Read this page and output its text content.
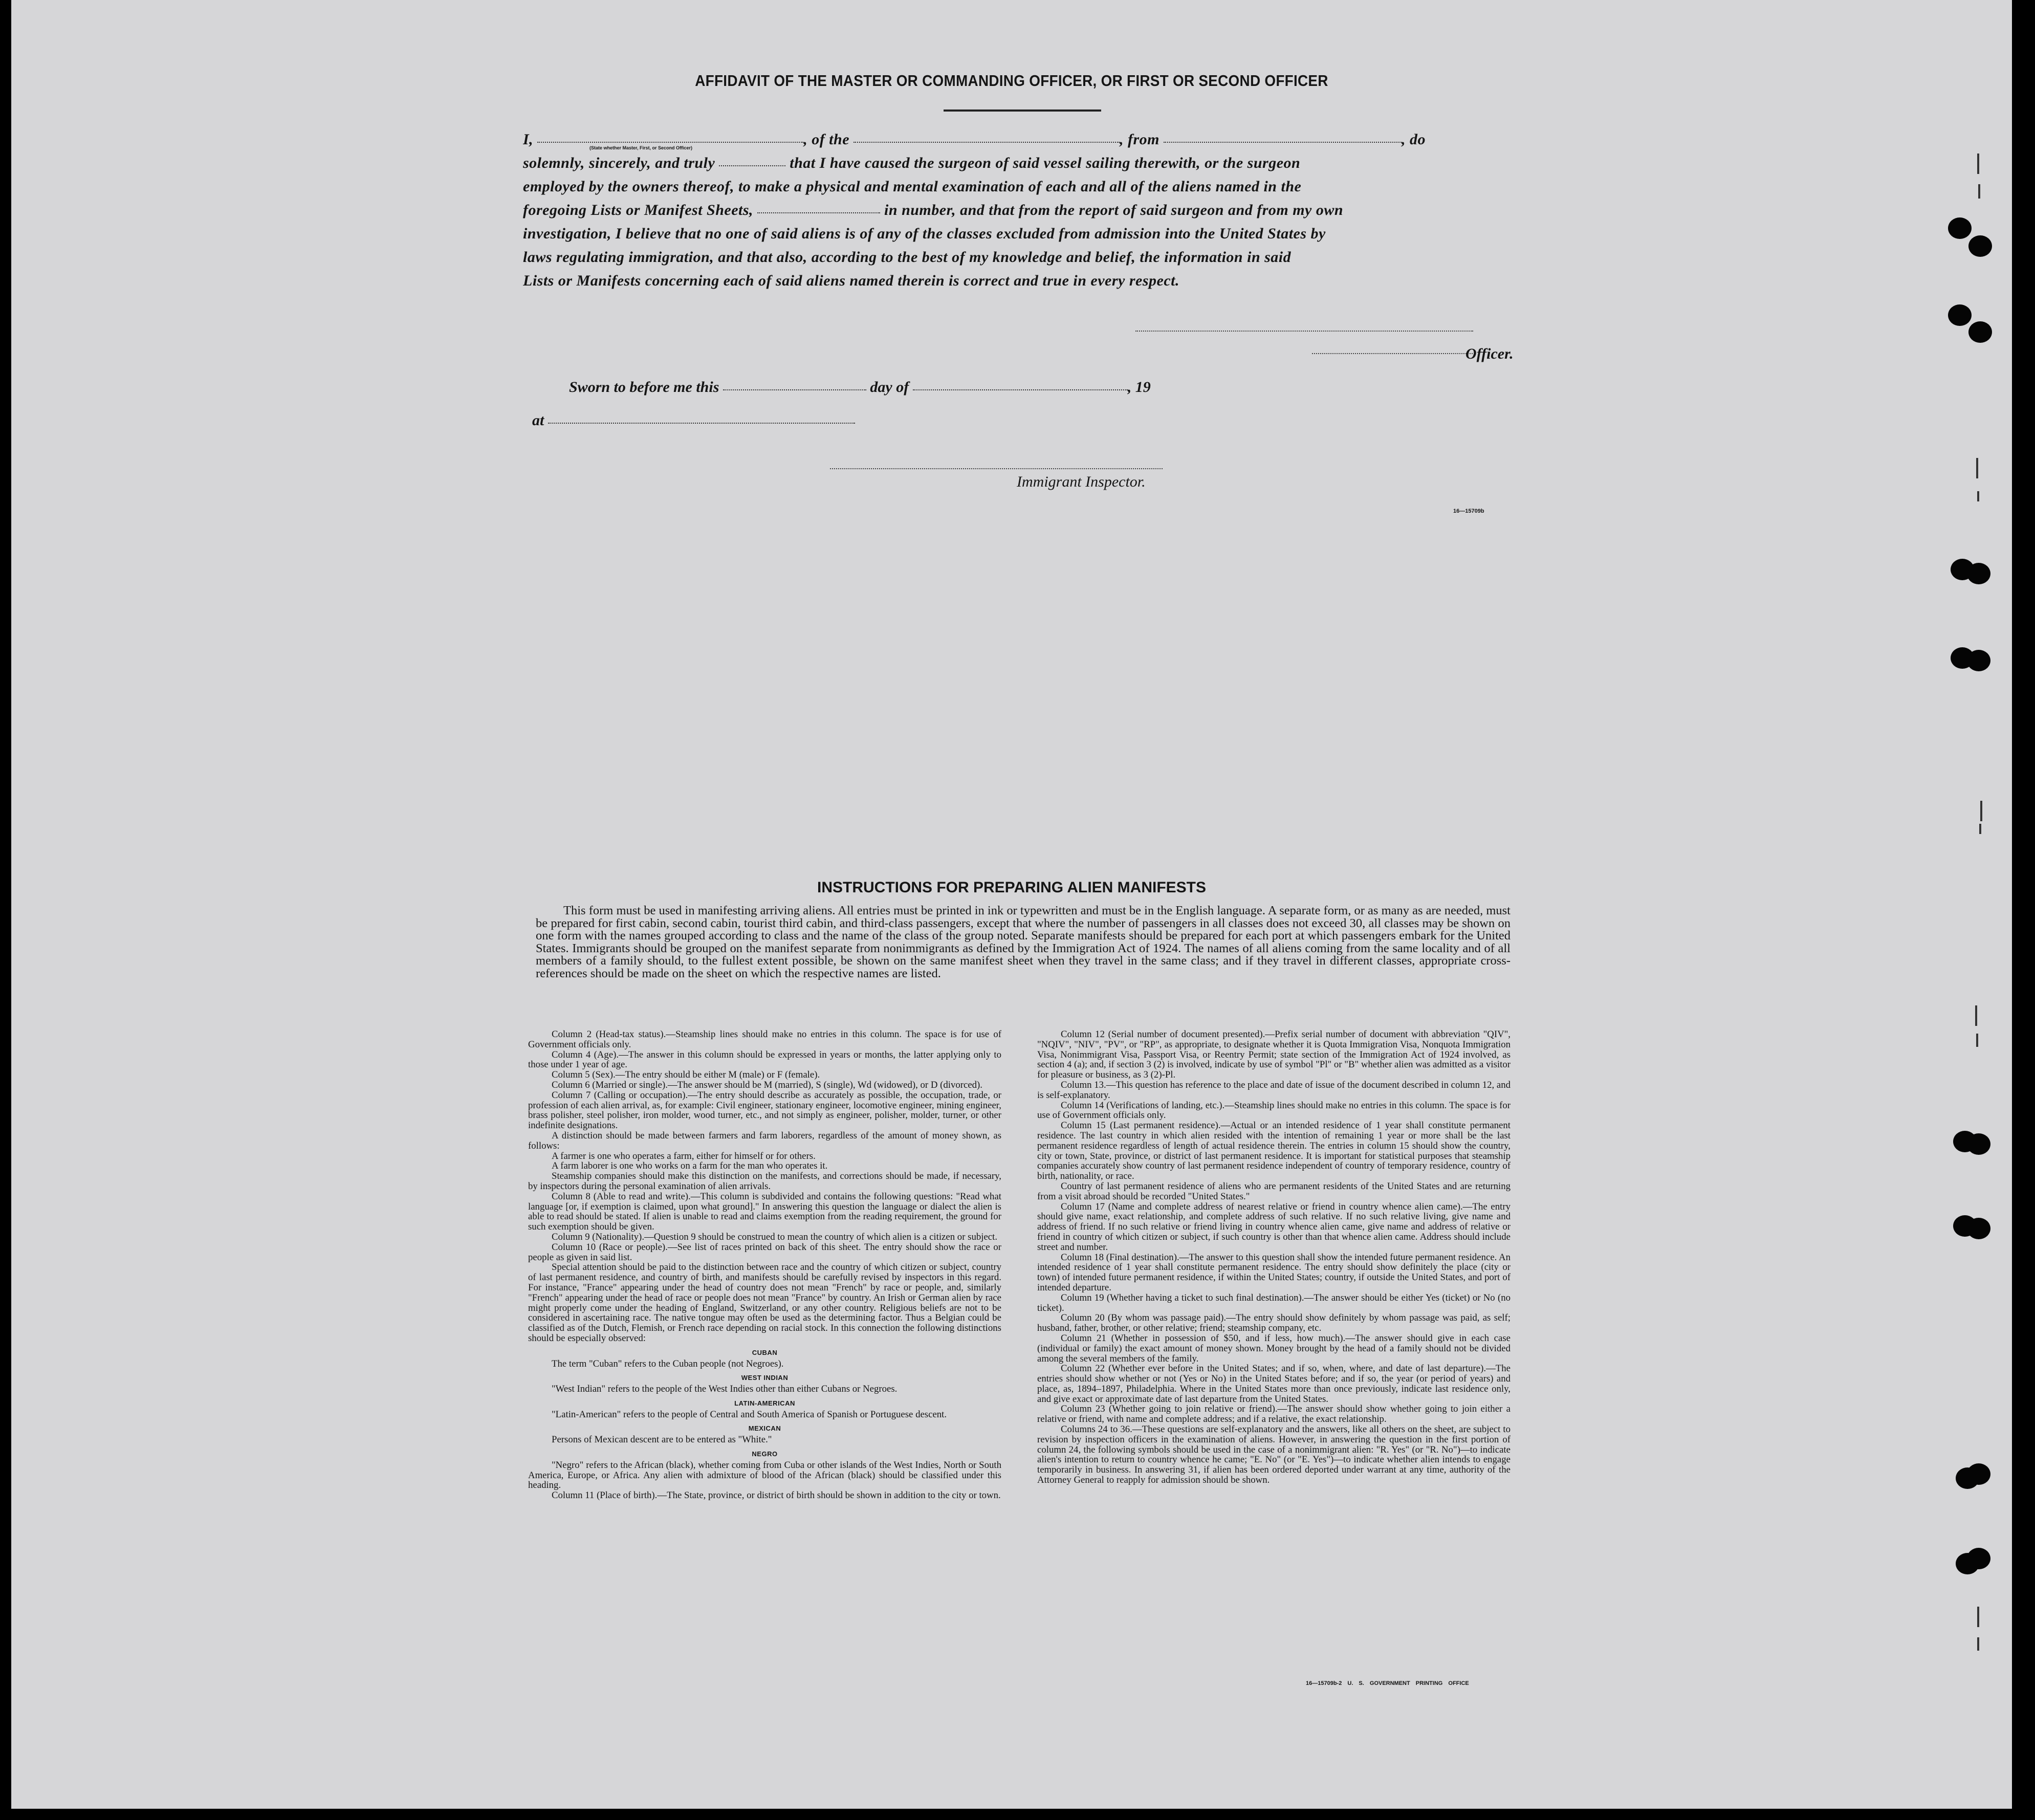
AFFIDAVIT OF THE MASTER OR COMMANDING OFFICER, OR FIRST OR SECOND OFFICER
I,	, of the	, from	, do
solemnly, sincerely, and truly	that I have caused the surgeon of said vessel sailing therewith, or the surgeon
employed by the owners thereof, to make a physical and mental examination of each and all of the aliens named in the
foregoing Lists or Manifest Sheets,	in number, and that from the report of said surgeon and from my own
investigation, I believe that no one of said aliens is of any of the classes excluded from admission into the United States by
laws regulating immigration, and that also, according to the best of my knowledge and belief, the information in said
Lists or Manifests concerning each of said aliens named therein is correct and true in every respect.
(State whether Master, First, or Second Officer)
Officer.
Sworn to before me this	day of	, 19
at
Immigrant Inspector.
16—15709b
INSTRUCTIONS FOR PREPARING ALIEN MANIFESTS
This form must be used in manifesting arriving aliens. All entries must be printed in ink or typewritten and must be in the English language. A separate form, or as many as are needed, must be prepared for first cabin, second cabin, tourist third cabin, and third-class passengers, except that where the number of passengers in all classes does not exceed 30, all classes may be shown on one form with the names grouped according to class and the name of the class of the group noted. Separate manifests should be prepared for each port at which passengers embark for the United States. Immigrants should be grouped on the manifest separate from nonimmigrants as defined by the Immigration Act of 1924. The names of all aliens coming from the same locality and of all members of a family should, to the fullest extent possible, be shown on the same manifest sheet when they travel in the same class; and if they travel in different classes, appropriate cross-references should be made on the sheet on which the respective names are listed.

Column 2 (Head-tax status).—Steamship lines should make no entries in this column. The space is for use of Government officials only.

Column 4 (Age).—The answer in this column should be expressed in years or months, the latter applying only to those under 1 year of age.

Column 5 (Sex).—The entry should be either M (male) or F (female).

Column 6 (Married or single).—The answer should be M (married), S (single), Wd (widowed), or D (divorced).

Column 7 (Calling or occupation).—The entry should describe as accurately as possible, the occupation, trade, or profession of each alien arrival, as, for example: Civil engineer, stationary engineer, locomotive engineer, mining engineer, brass polisher, steel polisher, iron molder, wood turner, etc., and not simply as engineer, polisher, molder, turner, or other indefinite designations.

A distinction should be made between farmers and farm laborers, regardless of the amount of money shown, as follows:

A farmer is one who operates a farm, either for himself or for others.

A farm laborer is one who works on a farm for the man who operates it.

Steamship companies should make this distinction on the manifests, and corrections should be made, if necessary, by inspectors during the personal examination of alien arrivals.

Column 8 (Able to read and write).—This column is subdivided and contains the following questions: "Read what language [or, if exemption is claimed, upon what ground]." In answering this question the language or dialect the alien is able to read should be stated. If alien is unable to read and claims exemption from the reading requirement, the ground for such exemption should be given.

Column 9 (Nationality).—Question 9 should be construed to mean the country of which alien is a citizen or subject.

Column 10 (Race or people).—See list of races printed on back of this sheet. The entry should show the race or people as given in said list.

Special attention should be paid to the distinction between race and the country of which citizen or subject, country of last permanent residence, and country of birth, and manifests should be carefully revised by inspectors in this regard. For instance, "France" appearing under the head of country does not mean "French" by race or people, and, similarly "French" appearing under the head of race or people does not mean "France" by country. An Irish or German alien by race might properly come under the heading of England, Switzerland, or any other country. Religious beliefs are not to be considered in ascertaining race. The native tongue may often be used as the determining factor. Thus a Belgian could be classified as of the Dutch, Flemish, or French race depending on racial stock. In this connection the following distinctions should be especially observed:

CUBAN

The term "Cuban" refers to the Cuban people (not Negroes).

WEST INDIAN

"West Indian" refers to the people of the West Indies other than either Cubans or Negroes.

LATIN-AMERICAN

"Latin-American" refers to the people of Central and South America of Spanish or Portuguese descent.

MEXICAN

Persons of Mexican descent are to be entered as "White."

NEGRO

"Negro" refers to the African (black), whether coming from Cuba or other islands of the West Indies, North or South America, Europe, or Africa. Any alien with admixture of blood of the African (black) should be classified under this heading.

Column 11 (Place of birth).—The State, province, or district of birth should be shown in addition to the city or town.

Column 12 (Serial number of document presented).—Prefix serial number of document with abbreviation "QIV", "NQIV", "NIV", "PV", or "RP", as appropriate, to designate whether it is Quota Immigration Visa, Nonquota Immigration Visa, Nonimmigrant Visa, Passport Visa, or Reentry Permit; state section of the Immigration Act of 1924 involved, as section 4 (a); and, if section 3 (2) is involved, indicate by use of symbol "Pl" or "B" whether alien was admitted as a visitor for pleasure or business, as 3 (2)-Pl.

Column 13.—This question has reference to the place and date of issue of the document described in column 12, and is self-explanatory.

Column 14 (Verifications of landing, etc.).—Steamship lines should make no entries in this column. The space is for use of Government officials only.

Column 15 (Last permanent residence).—Actual or an intended residence of 1 year shall constitute permanent residence. The last country in which alien resided with the intention of remaining 1 year or more shall be the last permanent residence regardless of length of actual residence therein. The entries in column 15 should show the country, city or town, State, province, or district of last permanent residence. It is important for statistical purposes that steamship companies accurately show country of last permanent residence independent of country of temporary residence, country of birth, nationality, or race.

Country of last permanent residence of aliens who are permanent residents of the United States and are returning from a visit abroad should be recorded "United States."

Column 17 (Name and complete address of nearest relative or friend in country whence alien came).—The entry should give name, exact relationship, and complete address of such relative. If no such relative living, give name and address of friend. If no such relative or friend living in country whence alien came, give name and address of relative or friend in country of which citizen or subject, if such country is other than that whence alien came. Address should include street and number.

Column 18 (Final destination).—The answer to this question shall show the intended future permanent residence. An intended residence of 1 year shall constitute permanent residence. The entry should show definitely the place (city or town) of intended future permanent residence, if within the United States; country, if outside the United States, and port of intended departure.

Column 19 (Whether having a ticket to such final destination).—The answer should be either Yes (ticket) or No (no ticket).

Column 20 (By whom was passage paid).—The entry should show definitely by whom passage was paid, as self; husband, father, brother, or other relative; friend; steamship company, etc.

Column 21 (Whether in possession of $50, and if less, how much).—The answer should give in each case (individual or family) the exact amount of money shown. Money brought by the head of a family should not be divided among the several members of the family.

Column 22 (Whether ever before in the United States; and if so, when, where, and date of last departure).—The entries should show whether or not (Yes or No) in the United States before; and if so, the year (or period of years) and place, as, 1894–1897, Philadelphia. Where in the United States more than once previously, indicate last residence only, and give exact or approximate date of last departure from the United States.

Column 23 (Whether going to join relative or friend).—The answer should show whether going to join either a relative or friend, with name and complete address; and if a relative, the exact relationship.

Columns 24 to 36.—These questions are self-explanatory and the answers, like all others on the sheet, are subject to revision by inspection officers in the examination of aliens. However, in answering the question in the first portion of column 24, the following symbols should be used in the case of a nonimmigrant alien: "R. Yes" (or "R. No")—to indicate alien's intention to return to country whence he came; "E. No" (or "E. Yes")—to indicate whether alien intends to engage temporarily in business. In answering 31, if alien has been ordered deported under warrant at any time, authority of the Attorney General to reapply for admission should be shown.

16—15709b-2 U. S. GOVERNMENT PRINTING OFFICE
